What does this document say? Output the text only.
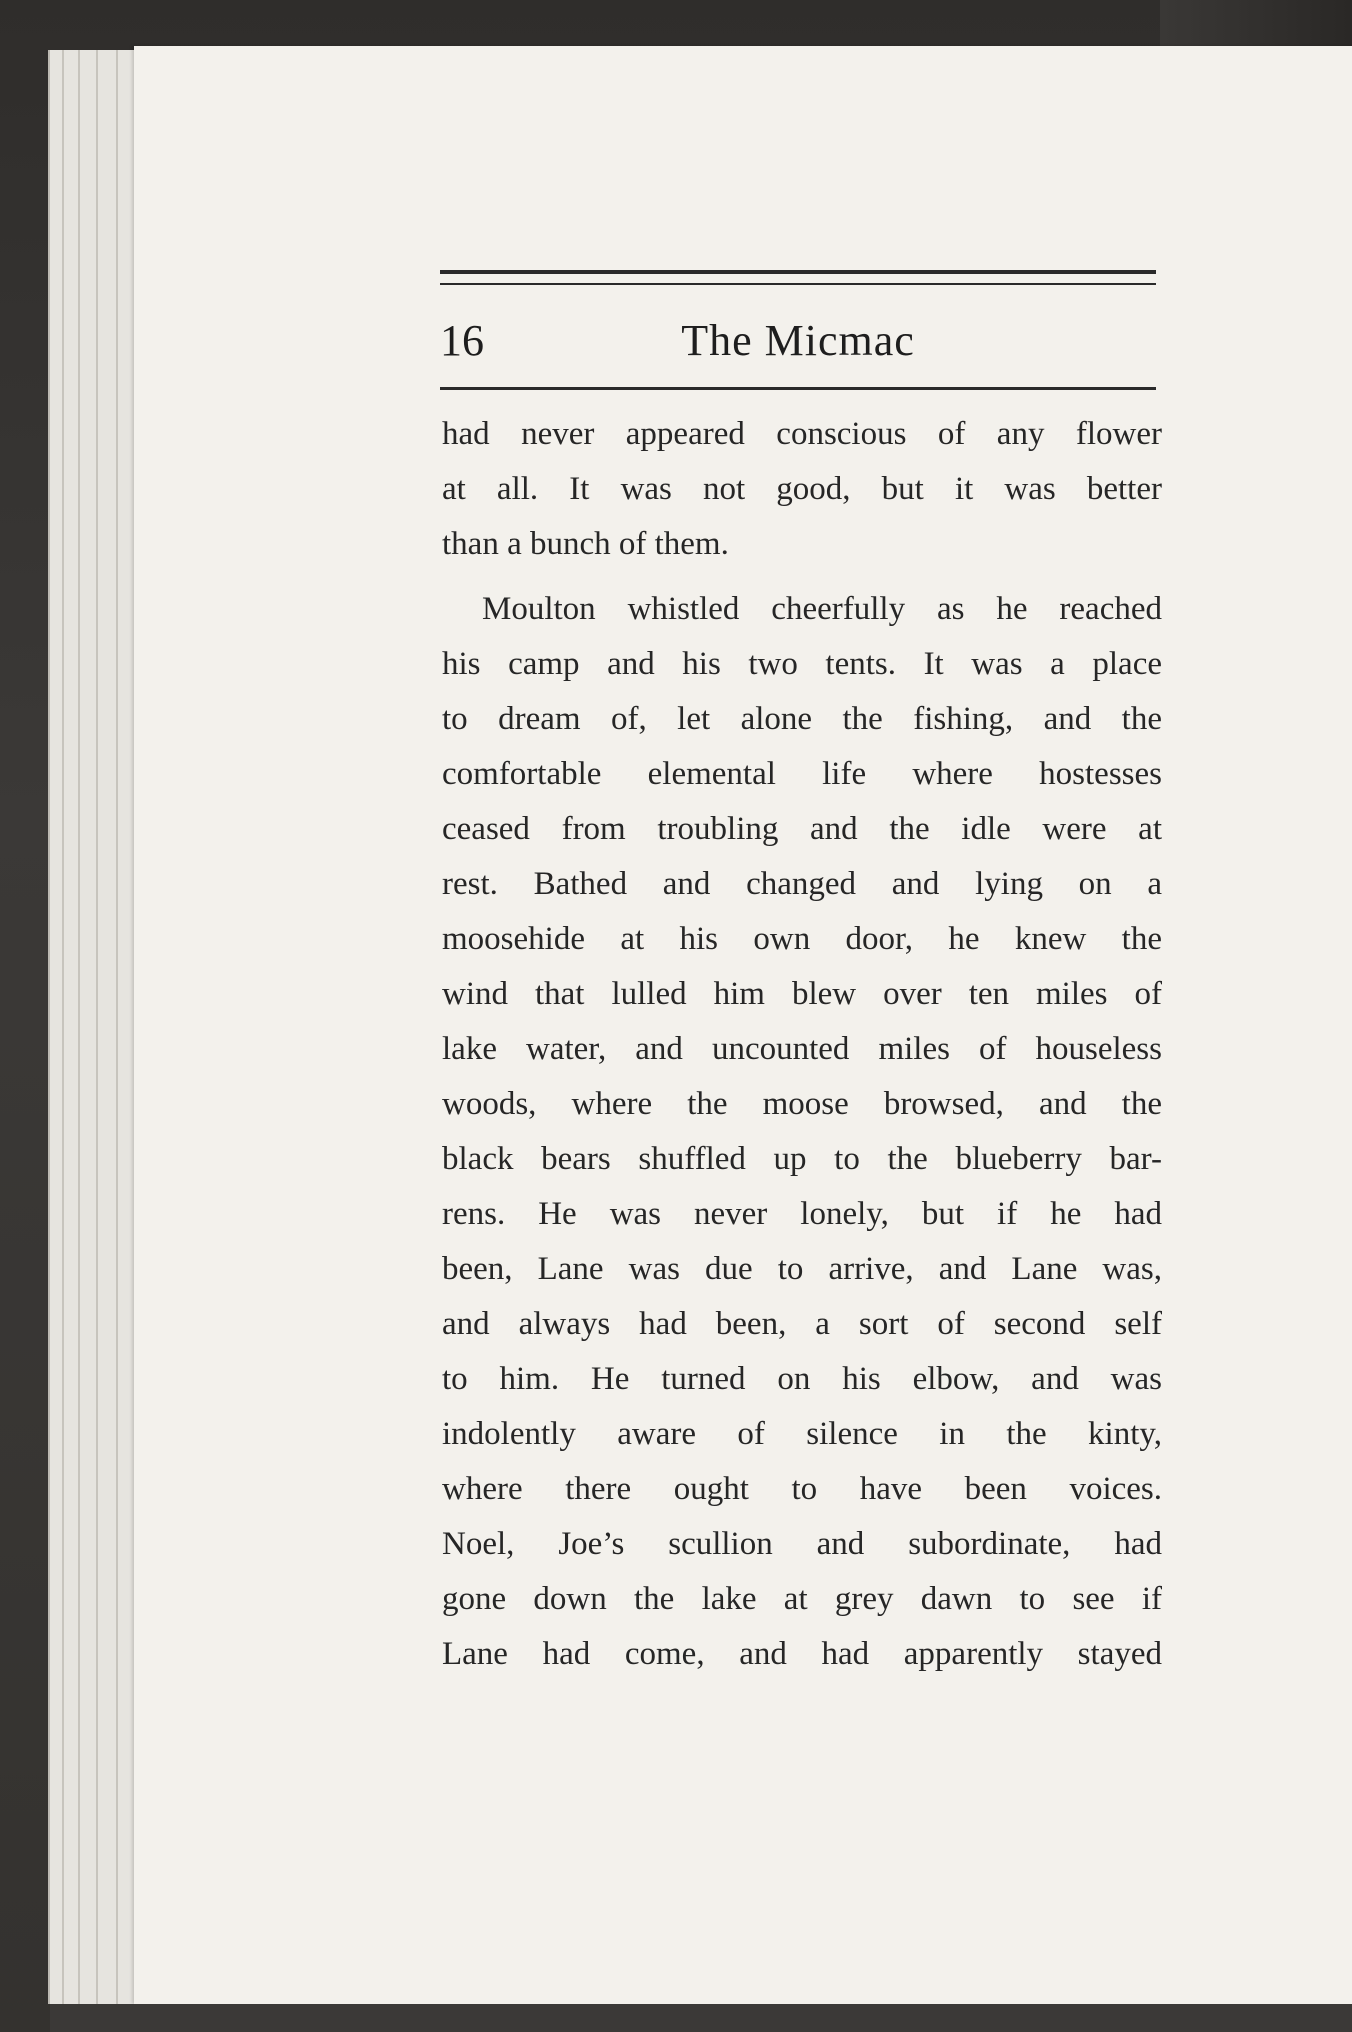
16	The Micmac
had never appeared conscious of any flower
at all. It was not good, but it was better
than a bunch of them.
Moulton whistled cheerfully as he reached
his camp and his two tents. It was a place
to dream of, let alone the fishing, and the
comfortable elemental life where hostesses
ceased from troubling and the idle were at
rest. Bathed and changed and lying on a
moosehide at his own door, he knew the
wind that lulled him blew over ten miles of
lake water, and uncounted miles of houseless
woods, where the moose browsed, and the
black bears shuffled up to the blueberry bar-
rens. He was never lonely, but if he had
been, Lane was due to arrive, and Lane was,
and always had been, a sort of second self
to him. He turned on his elbow, and was
indolently aware of silence in the kinty,
where there ought to have been voices.
Noel, Joe’s scullion and subordinate, had
gone down the lake at grey dawn to see if
Lane had come, and had apparently stayed
